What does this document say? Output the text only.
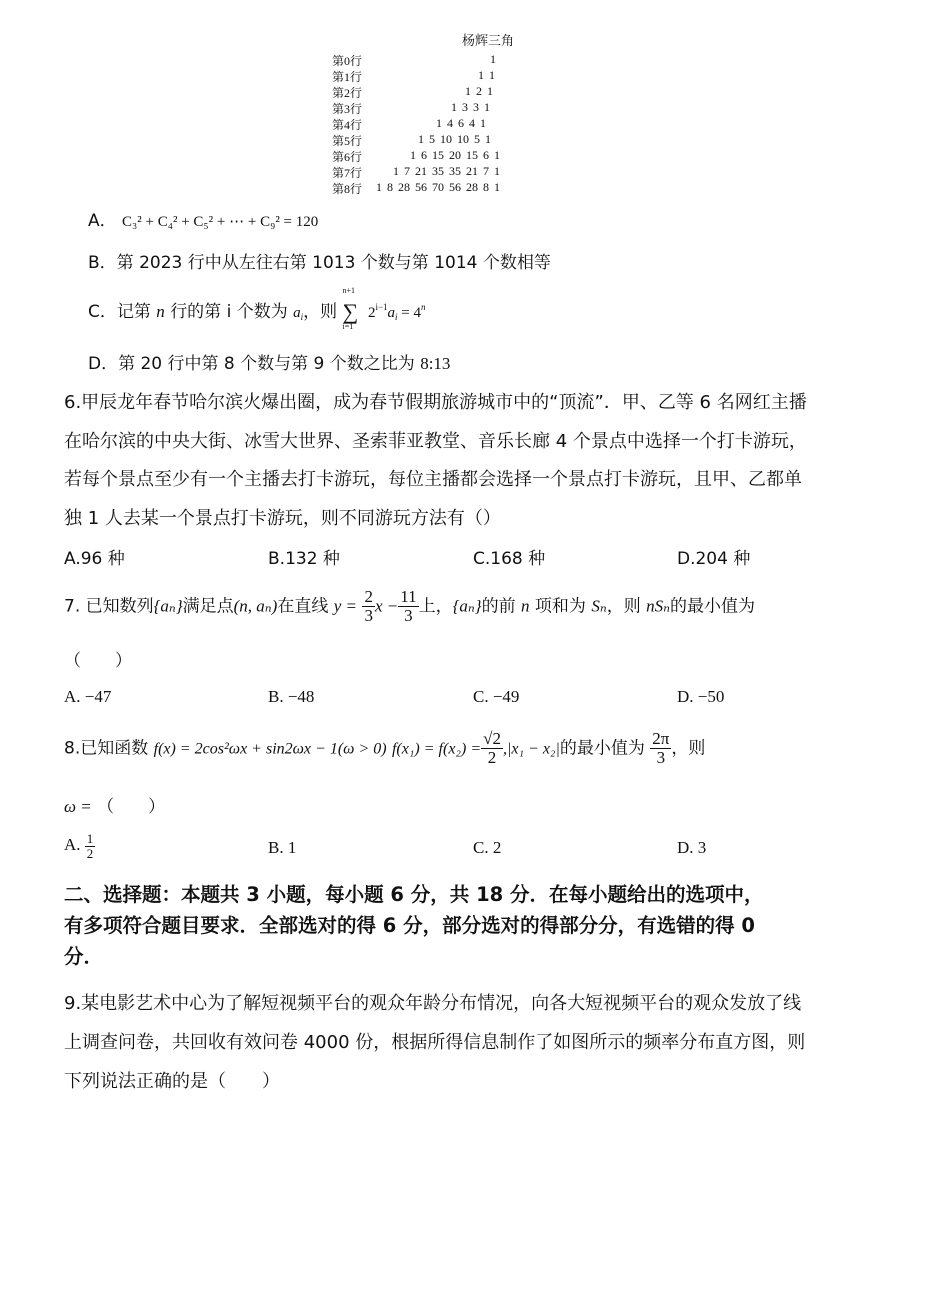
杨辉三角
第0行	1
第1行	1 1
第2行	1 2 1
第3行	1 3 3 1
第4行	1 4 6 4 1
第5行	1 5 10 10 5 1
第6行	1 6 15 20 15 6 1
第7行	1 7 21 35 35 21 7 1
第8行 1 8 28 56 70 56 28 8 1
A． C₃² + C₄² + C₅² + ⋯ + C₉² = 120
B．第 2023 行中从左往右第 1013 个数与第 1014 个数相等
C．记第 n 行的第 i 个数为 $a_i$，则
n+1
∑
i=1
$2^{i-1}a_i = 4^n$
D．第 20 行中第 8 个数与第 9 个数之比为 8:13
6.甲辰龙年春节哈尔滨火爆出圈，成为春节假期旅游城市中的“顶流”．甲、乙等 6 名网红主播
在哈尔滨的中央大街、冰雪大世界、圣索菲亚教堂、音乐长廊 4 个景点中选择一个打卡游玩，
若每个景点至少有一个主播去打卡游玩，每位主播都会选择一个景点打卡游玩，且甲、乙都单
独 1 人去某一个景点打卡游玩，则不同游玩方法有（）
A.96 种	B.132 种	C.168 种	D.204 种
7. 已知数列{aₙ}满足点(n, aₙ)在直线 $y = \frac{2}{3}$ $x - \frac{11}{3}$ 上，{aₙ}的前 n 项和为 Sₙ，则 nSₙ的最小值为
（　　）
A. −47	B. −48	C. −49	D. −50
8.已知函数 f(x) = 2cos²ωx + sin2ωx − 1(ω > 0) $f(x_1) = f(x_2) = \frac{√2}{2} ,|x_1 - x_2|$的最小值为 $\frac{2\pi}{3}$ ，则
ω = （　　）
A. $\frac{1}{2}$	B. 1	C. 2	D. 3
二、选择题：本题共 3 小题，每小题 6 分，共 18 分．在每小题给出的选项中，
有多项符合题目要求．全部选对的得 6 分，部分选对的得部分分，有选错的得 0
分．
9.某电影艺术中心为了解短视频平台的观众年龄分布情况，向各大短视频平台的观众发放了线
上调查问卷，共回收有效问卷 4000 份，根据所得信息制作了如图所示的频率分布直方图，则
下列说法正确的是（　　）
